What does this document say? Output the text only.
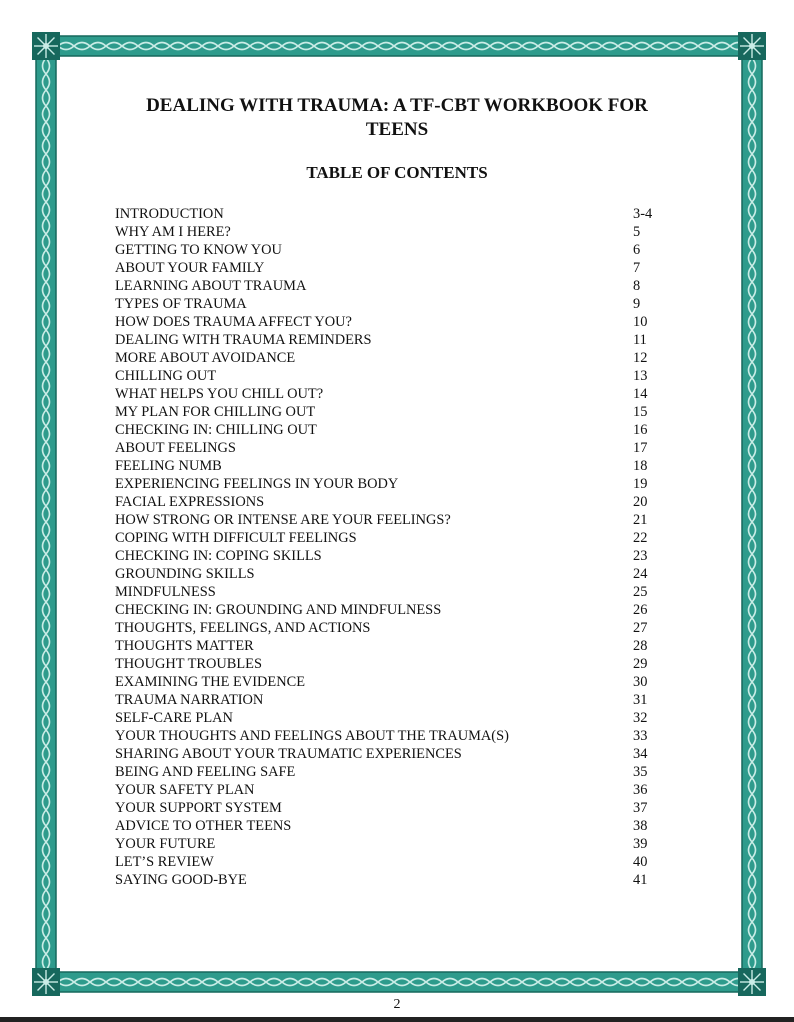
DEALING WITH TRAUMA: A TF-CBT WORKBOOK FOR
TEENS
TABLE OF CONTENTS
INTRODUCTION	3-4
WHY AM I HERE?	5
GETTING TO KNOW YOU	6
ABOUT YOUR FAMILY	7
LEARNING ABOUT TRAUMA	8
TYPES OF TRAUMA	9
HOW DOES TRAUMA AFFECT YOU?	10
DEALING WITH TRAUMA REMINDERS	11
MORE ABOUT AVOIDANCE	12
CHILLING OUT	13
WHAT HELPS YOU CHILL OUT?	14
MY PLAN FOR CHILLING OUT	15
CHECKING IN: CHILLING OUT	16
ABOUT FEELINGS	17
FEELING NUMB	18
EXPERIENCING FEELINGS IN YOUR BODY	19
FACIAL EXPRESSIONS	20
HOW STRONG OR INTENSE ARE YOUR FEELINGS?	21
COPING WITH DIFFICULT FEELINGS	22
CHECKING IN: COPING SKILLS	23
GROUNDING SKILLS	24
MINDFULNESS	25
CHECKING IN: GROUNDING AND MINDFULNESS	26
THOUGHTS, FEELINGS, AND ACTIONS	27
THOUGHTS MATTER	28
THOUGHT TROUBLES	29
EXAMINING THE EVIDENCE	30
TRAUMA NARRATION	31
SELF-CARE PLAN	32
YOUR THOUGHTS AND FEELINGS ABOUT THE TRAUMA(S)	33
SHARING ABOUT YOUR TRAUMATIC EXPERIENCES	34
BEING AND FEELING SAFE	35
YOUR SAFETY PLAN	36
YOUR SUPPORT SYSTEM	37
ADVICE TO OTHER TEENS	38
YOUR FUTURE	39
LET’S REVIEW	40
SAYING GOOD-BYE	41
2
